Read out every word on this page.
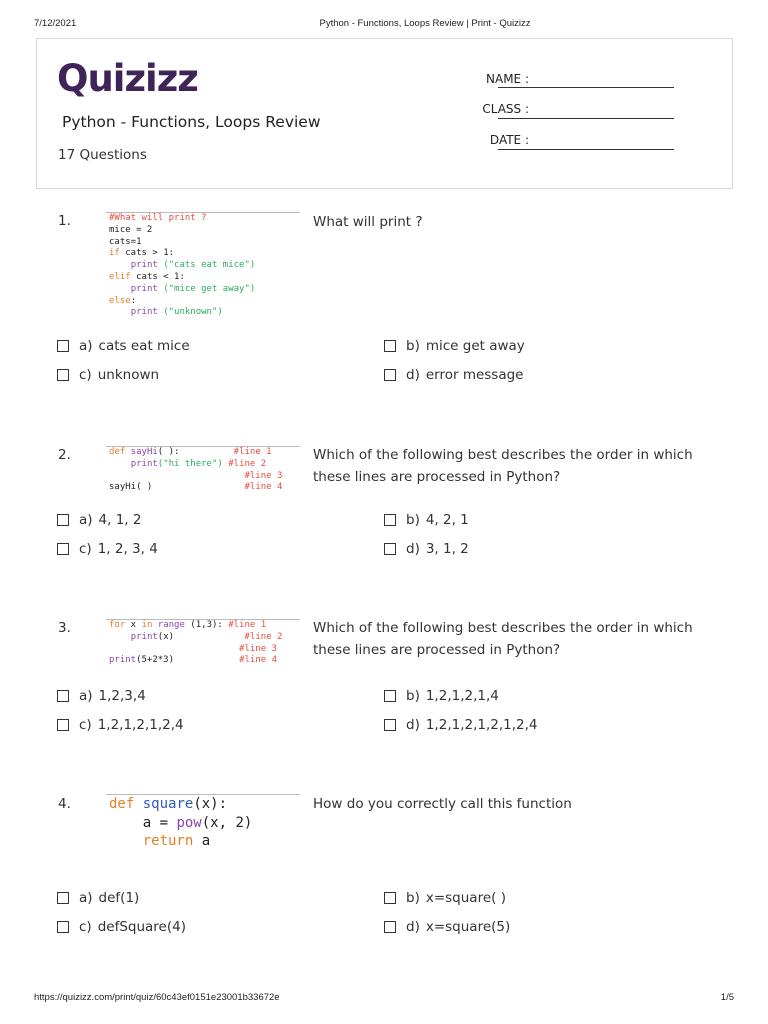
7/12/2021	Python - Functions, Loops Review | Print - Quizizz
Quizizz
Python - Functions, Loops Review
17 Questions
NAME :
CLASS :
DATE :
1.	#What will print ?
mice = 2
cats=1
if cats > 1:
print ("cats eat mice")
elif cats < 1:
print ("mice get away")
else:
print ("unknown")
What will print ?
a) cats eat mice	b) mice get away
c) unknown	d) error message
2.	def sayHi( ):	#line 1
print("hi there") #line 2
#line 3
sayHi( )	#line 4
Which of the following best describes the order in which these lines are processed in Python?
a) 4, 1, 2	b) 4, 2, 1
c) 1, 2, 3, 4	d) 3, 1, 2
3.	for x in range (1,3): #line 1
print(x)	#line 2
#line 3
print(5+2*3)	#line 4
Which of the following best describes the order in which these lines are processed in Python?
a) 1,2,3,4	b) 1,2,1,2,1,4
c) 1,2,1,2,1,2,4	d) 1,2,1,2,1,2,1,2,4
4.	def square(x):
a = pow(x, 2)
return a
How do you correctly call this function
a) def(1)	b) x=square( )
c) defSquare(4)	d) x=square(5)
https://quizizz.com/print/quiz/60c43ef0151e23001b33672e	1/5
